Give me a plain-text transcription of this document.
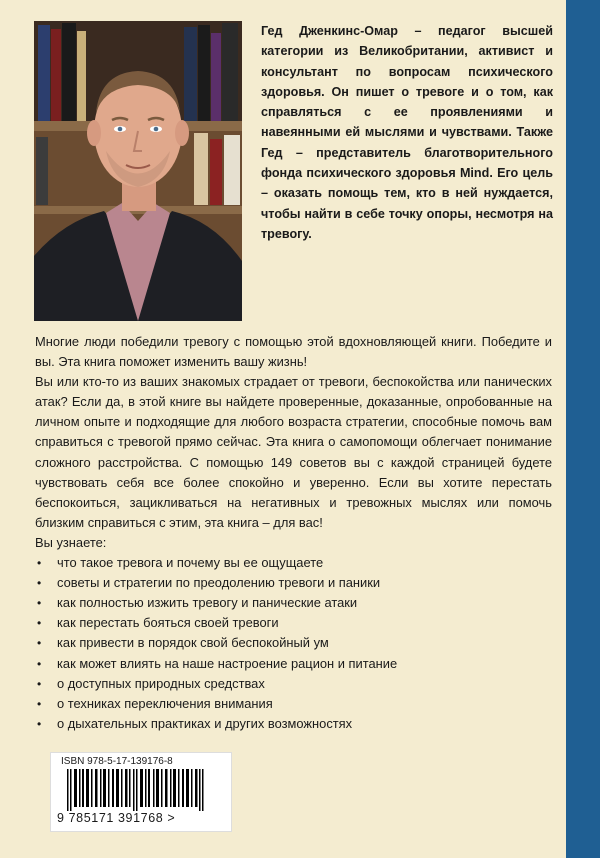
Гед Дженкинс-Омар – педагог высшей категории из Великобритании, активист и консультант по вопросам психического здоровья. Он пишет о тревоге и о том, как справляться с ее проявлениями и навеянными ей мыслями и чувствами. Также Гед – представитель благотворительного фонда психического здоровья Mind. Его цель – оказать помощь тем, кто в ней нуждается, чтобы найти в себе точку опоры, несмотря на тревогу.

Многие люди победили тревогу с помощью этой вдохновляющей книги. Победите и вы. Эта книга поможет изменить вашу жизнь!

Вы или кто-то из ваших знакомых страдает от тревоги, беспокойства или панических атак? Если да, в этой книге вы найдете проверенные, доказанные, опробованные на личном опыте и подходящие для любого возраста стратегии, способные помочь вам справиться с тревогой прямо сейчас. Эта книга о самопомощи облегчает понимание сложного расстройства. С помощью 149 советов вы с каждой страницей будете чувствовать себя все более спокойно и уверенно. Если вы хотите перестать беспокоиться, зацикливаться на негативных и тревожных мыслях или помочь близким справиться с этим, эта книга – для вас!

Вы узнаете:
• что такое тревога и почему вы ее ощущаете
• советы и стратегии по преодолению тревоги и паники
• как полностью изжить тревогу и панические атаки
• как перестать бояться своей тревоги
• как привести в порядок свой беспокойный ум
• как может влиять на наше настроение рацион и питание
• о доступных природных средствах
• о техниках переключения внимания
• о дыхательных практиках и других возможностях
ISBN 978-5-17-139176-8
9 785171 391768 >
